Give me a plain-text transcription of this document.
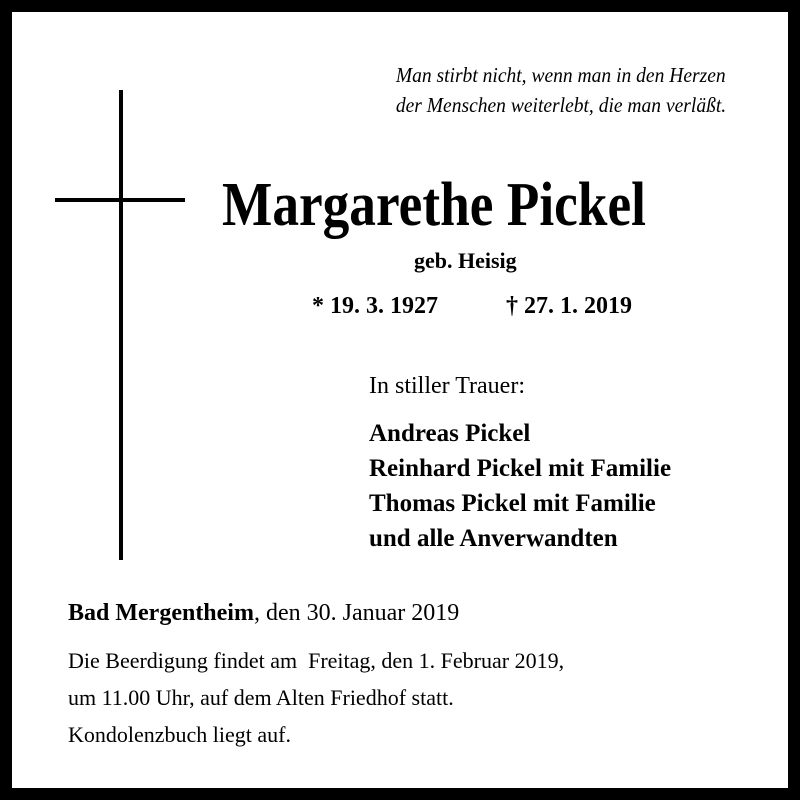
Man stirbt nicht, wenn man in den Herzen
der Menschen weiterlebt, die man verläßt.
Margarethe Pickel
geb. Heisig
* 19. 3. 1927	† 27. 1. 2019
In stiller Trauer:
Andreas Pickel
Reinhard Pickel mit Familie
Thomas Pickel mit Familie
und alle Anverwandten
Bad Mergentheim, den 30. Januar 2019
Die Beerdigung findet am  Freitag, den 1. Februar 2019,
um 11.00 Uhr, auf dem Alten Friedhof statt.
Kondolenzbuch liegt auf.
